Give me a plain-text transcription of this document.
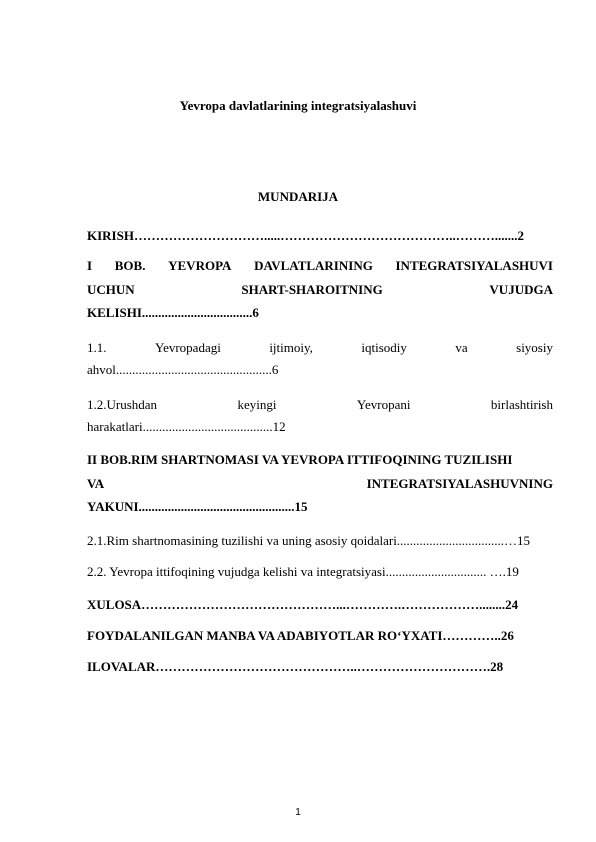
Yevropa davlatlarining integratsiyalashuvi
MUNDARIJA
KIRISH………………………….....…………………………………..……….......2
I BOB. YEVROPA DAVLATLARINING INTEGRATSIYALASHUVI
UCHUN	SHART-SHAROITNING	VUJUDGA
KELISHI..................................6
1.1.	Yevropadagi	ijtimoiy,	iqtisodiy	va	siyosiy
ahvol................................................6
1.2.Urushdan	keyingi	Yevropani	birlashtirish
harakatlari........................................12
II BOB.RIM SHARTNOMASI VA YEVROPA ITTIFOQINING TUZILISHI
VA	INTEGRATSIYALASHUVNING
YAKUNI................................................15
2.1.Rim shartnomasining tuzilishi va uning asosiy qoidalari.................................…15
2.2. Yevropa ittifoqining vujudga kelishi va integratsiyasi............................... ….19
XULOSA………………………………………...………….………………........24
FOYDALANILGAN MANBA VA ADABIYOTLAR RO‘YXATI…………..26
ILOVALAR………………………………………..………………………….28
1
